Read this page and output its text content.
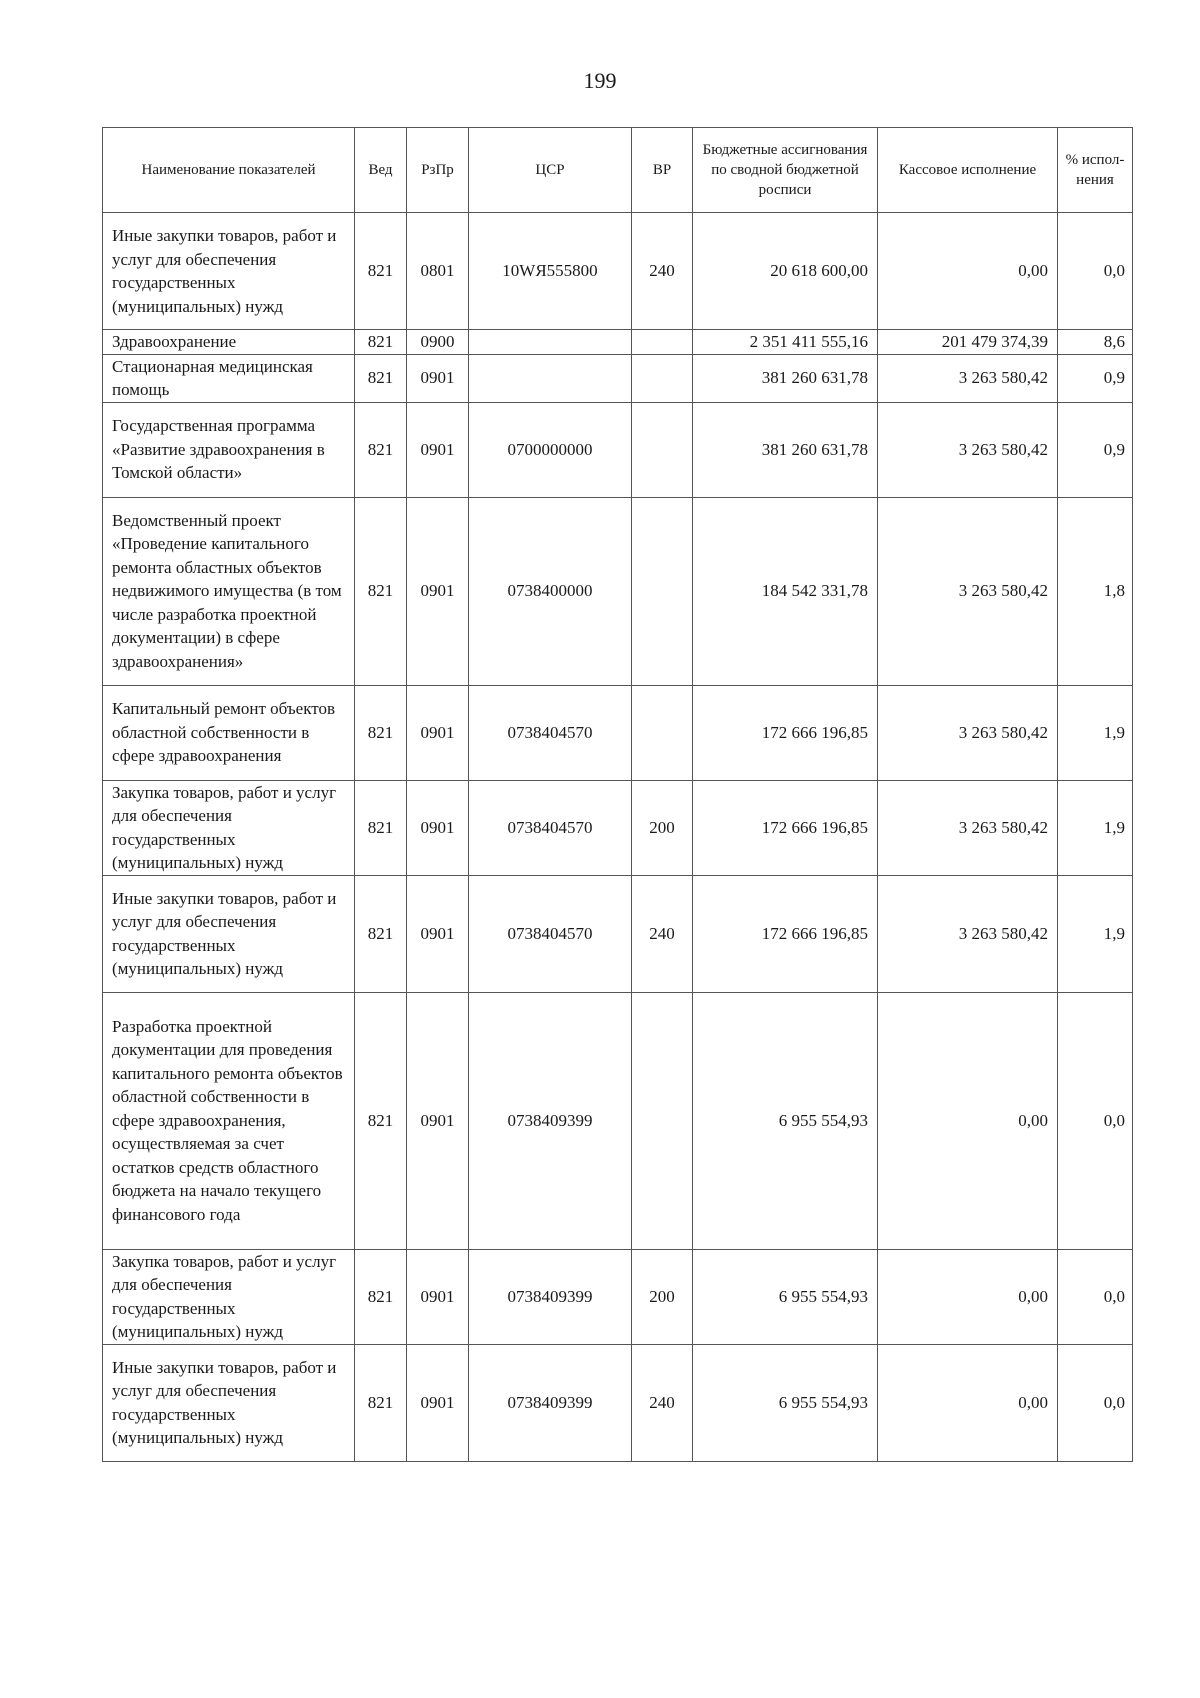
199
Наименование показателей	Вед	РзПр	ЦСР	ВР	Бюджетные ассигнования по сводной бюджетной росписи	Кассовое исполнение	% испол-нения
Иные закупки товаров, работ и услуг для обеспечения государственных (муниципальных) нужд	821	0801	10WЯ555800	240	20 618 600,00	0,00	0,0
Здравоохранение	821	0900			2 351 411 555,16	201 479 374,39	8,6
Стационарная медицинская помощь	821	0901			381 260 631,78	3 263 580,42	0,9
Государственная программа «Развитие здравоохранения в Томской области»	821	0901	0700000000		381 260 631,78	3 263 580,42	0,9
Ведомственный проект «Проведение капитального ремонта областных объектов недвижимого имущества (в том числе разработка проектной документации) в сфере здравоохранения»	821	0901	0738400000		184 542 331,78	3 263 580,42	1,8
Капитальный ремонт объектов областной собственности в сфере здравоохранения	821	0901	0738404570		172 666 196,85	3 263 580,42	1,9
Закупка товаров, работ и услуг для обеспечения государственных (муниципальных) нужд	821	0901	0738404570	200	172 666 196,85	3 263 580,42	1,9
Иные закупки товаров, работ и услуг для обеспечения государственных (муниципальных) нужд	821	0901	0738404570	240	172 666 196,85	3 263 580,42	1,9
Разработка проектной документации для проведения капитального ремонта объектов областной собственности в сфере здравоохранения, осуществляемая за счет остатков средств областного бюджета на начало текущего финансового года	821	0901	0738409399		6 955 554,93	0,00	0,0
Закупка товаров, работ и услуг для обеспечения государственных (муниципальных) нужд	821	0901	0738409399	200	6 955 554,93	0,00	0,0
Иные закупки товаров, работ и услуг для обеспечения государственных (муниципальных) нужд	821	0901	0738409399	240	6 955 554,93	0,00	0,0
